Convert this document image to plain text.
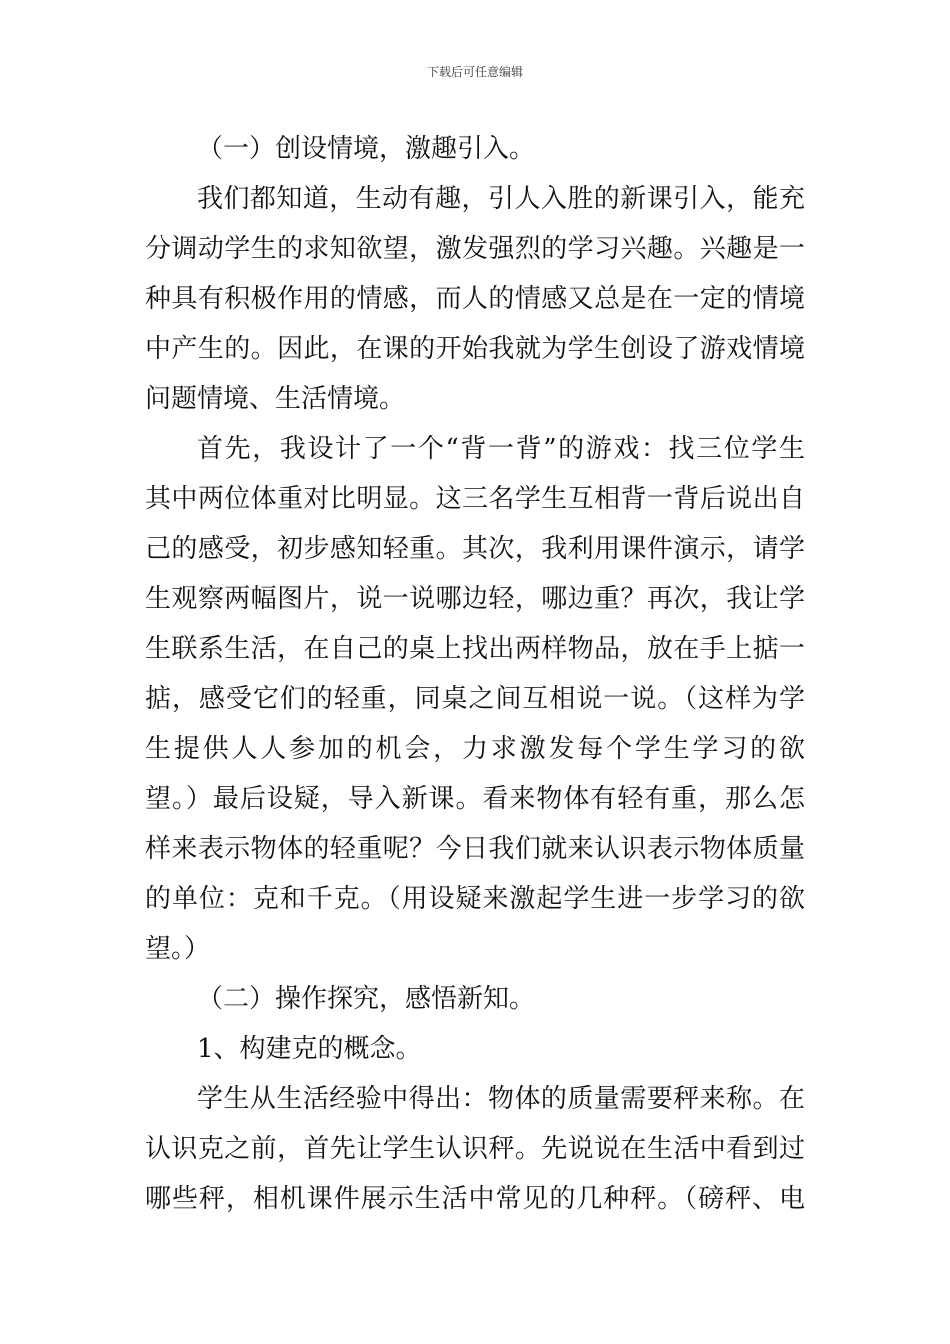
下载后可任意编辑
（一）创设情境，激趣引入。
我们都知道，生动有趣，引人入胜的新课引入，能充
分调动学生的求知欲望，激发强烈的学习兴趣。兴趣是一
种具有积极作用的情感，而人的情感又总是在一定的情境
中产生的。因此，在课的开始我就为学生创设了游戏情境
问题情境、生活情境。
首先，我设计了一个“背一背”的游戏：找三位学生
其中两位体重对比明显。这三名学生互相背一背后说出自
己的感受，初步感知轻重。其次，我利用课件演示，请学
生观察两幅图片，说一说哪边轻，哪边重？再次，我让学
生联系生活，在自己的桌上找出两样物品，放在手上掂一
掂，感受它们的轻重，同桌之间互相说一说。（这样为学
生提供人人参加的机会，力求激发每个学生学习的欲
望。）最后设疑，导入新课。看来物体有轻有重，那么怎
样来表示物体的轻重呢？今日我们就来认识表示物体质量
的单位：克和千克。（用设疑来激起学生进一步学习的欲
望。）
（二）操作探究，感悟新知。
1、构建克的概念。
学生从生活经验中得出：物体的质量需要秤来称。在
认识克之前，首先让学生认识秤。先说说在生活中看到过
哪些秤，相机课件展示生活中常见的几种秤。（磅秤、电
